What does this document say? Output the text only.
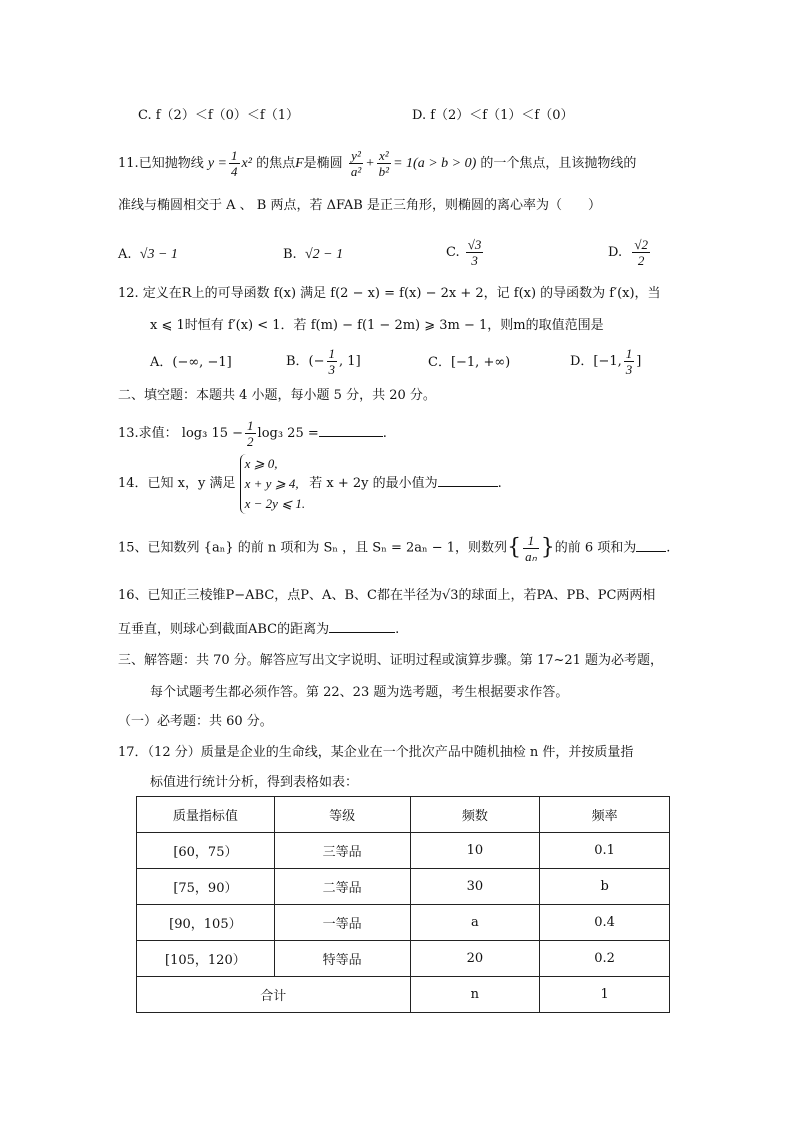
C. f（2）＜f（0）＜f（1）	D. f（2）＜f（1）＜f（0）
11.已知抛物线 $y = \frac{1}{4} x^2$ 的焦点F是椭圆 $\frac{\text{y²}}{\text{a²}} + \frac{\text{x²}}{\text{b²}} = 1(a > b > 0)$ 的一个焦点，且该抛物线的
准线与椭圆相交于 A 、 B 两点，若 ΔFAB 是正三角形，则椭圆的离心率为（　　）
A. √3 − 1	B. √2 − 1	C. $\frac{√3}{3}$	D. $\frac{√2}{2}$
12. 定义在R上的可导函数 f(x) 满足 f(2 − x) = f(x) − 2x + 2，记 f(x) 的导函数为 f′(x)，当
x ⩽ 1时恒有 f′(x) < 1．若 f(m) − f(1 − 2m) ⩾ 3m − 1，则m的取值范围是
A．(−∞, −1]	B．(− $\frac{1}{3}$ , 1]	C．[−1, +∞)	D．[−1, $\frac{1}{3}$ ]
二、填空题：本题共 4 小题，每小题 5 分，共 20 分。
13.求值： log₃ $15 - \frac{1}{2} \log_3$ 25 =	.
14．已知 x，y 满足
x ⩾ 0,
x + y ⩾ 4,
x − 2y ⩽ 1.
若 x + 2y 的最小值为	.
15、已知数列 {aₙ} 的前 n 项和为 Sₙ ，且 Sₙ = 2aₙ − 1，则数列{ $\frac{1}{\text{aₙ}}$ }的前 6 项和为 .
16、已知正三棱锥P−ABC，点P、A、B、C都在半径为√3的球面上，若PA、PB、PC两两相
互垂直，则球心到截面ABC的距离为	.
三、解答题：共 70 分。解答应写出文字说明、证明过程或演算步骤。第 17~21 题为必考题，
每个试题考生都必须作答。第 22、23 题为选考题，考生根据要求作答。
（一）必考题：共 60 分。
17．（12 分）质量是企业的生命线，某企业在一个批次产品中随机抽检 n 件，并按质量指
标值进行统计分析，得到表格如表：
质量指标值	等级	频数	频率
[60，75）	三等品	10	0.1
[75，90）	二等品	30	b
[90，105）	一等品	a	0.4
[105，120）	特等品	20	0.2
合计		n	1
